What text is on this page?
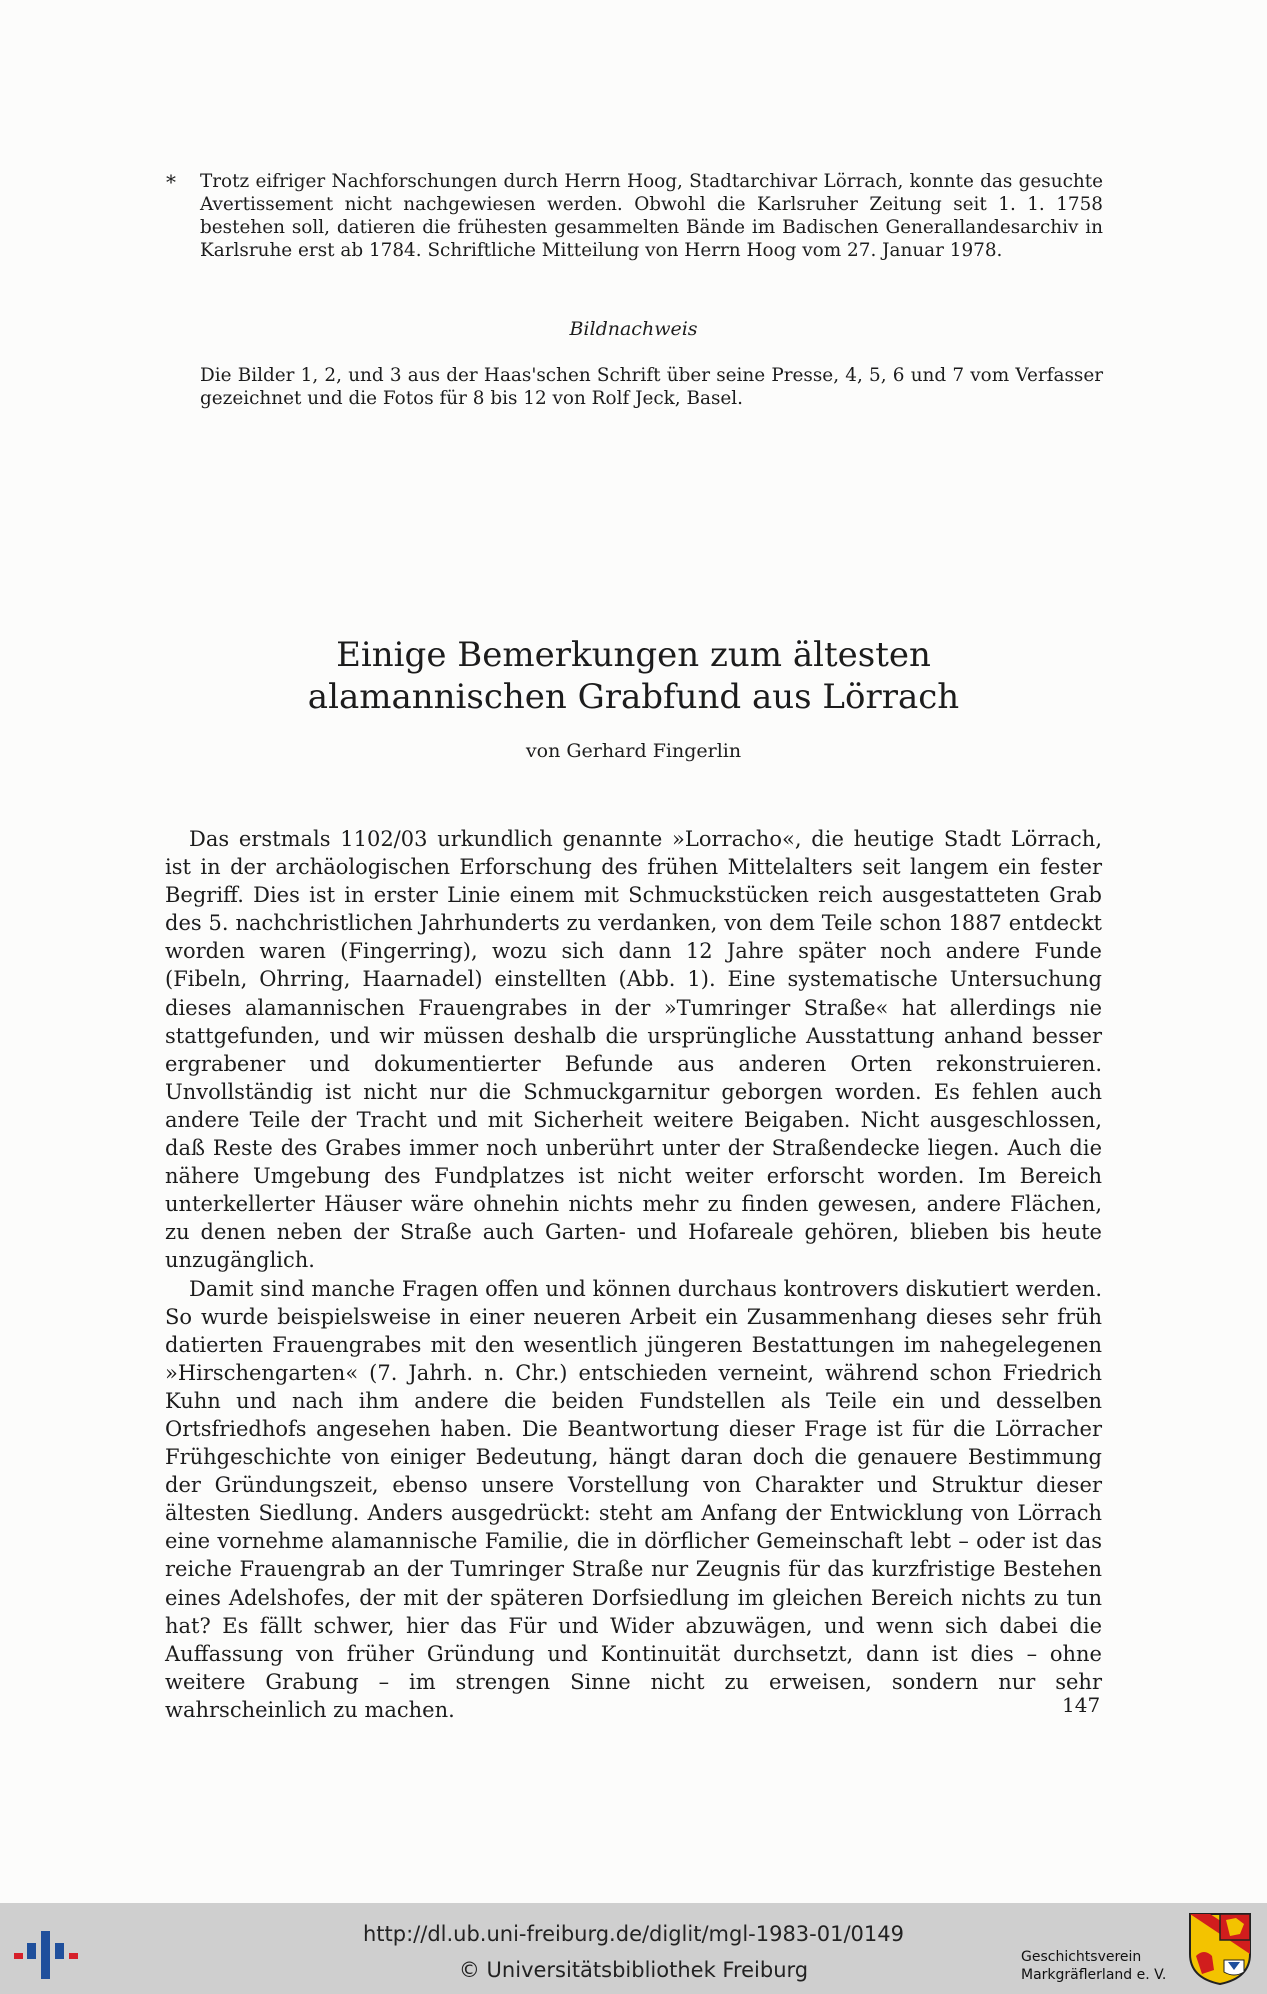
* Trotz eifriger Nachforschungen durch Herrn Hoog, Stadtarchivar Lörrach, konnte das gesuchte Avertissement nicht nachgewiesen werden. Obwohl die Karlsruher Zeitung seit 1. 1. 1758 bestehen soll, datieren die frühesten gesammelten Bände im Badischen Generallandesarchiv in Karlsruhe erst ab 1784. Schriftliche Mitteilung von Herrn Hoog vom 27. Januar 1978.
Bildnachweis
Die Bilder 1, 2, und 3 aus der Haas'schen Schrift über seine Presse, 4, 5, 6 und 7 vom Verfasser gezeichnet und die Fotos für 8 bis 12 von Rolf Jeck, Basel.
Einige Bemerkungen zum ältesten
alamannischen Grabfund aus Lörrach
von Gerhard Fingerlin

Das erstmals 1102/03 urkundlich genannte »Lorracho«, die heutige Stadt Lörrach, ist in der archäologischen Erforschung des frühen Mittelalters seit langem ein fester Begriff. Dies ist in erster Linie einem mit Schmuckstücken reich ausgestatteten Grab des 5. nachchristlichen Jahrhunderts zu verdanken, von dem Teile schon 1887 entdeckt worden waren (Fingerring), wozu sich dann 12 Jahre später noch andere Funde (Fibeln, Ohrring, Haarnadel) einstellten (Abb. 1). Eine systematische Untersuchung dieses alamannischen Frauengrabes in der »Tumringer Straße« hat allerdings nie stattgefunden, und wir müssen deshalb die ursprüngliche Ausstattung anhand besser ergrabener und dokumentierter Befunde aus anderen Orten rekonstruieren. Unvollständig ist nicht nur die Schmuckgarnitur geborgen worden. Es fehlen auch andere Teile der Tracht und mit Sicherheit weitere Beigaben. Nicht ausgeschlossen, daß Reste des Grabes immer noch unberührt unter der Straßendecke liegen. Auch die nähere Umgebung des Fundplatzes ist nicht weiter erforscht worden. Im Bereich unterkellerter Häuser wäre ohnehin nichts mehr zu finden gewesen, andere Flächen, zu denen neben der Straße auch Garten- und Hofareale gehören, blieben bis heute unzugänglich.

Damit sind manche Fragen offen und können durchaus kontrovers diskutiert werden. So wurde beispielsweise in einer neueren Arbeit ein Zusammenhang dieses sehr früh datierten Frauengrabes mit den wesentlich jüngeren Bestattungen im nahegelegenen »Hirschengarten« (7. Jahrh. n. Chr.) entschieden verneint, während schon Friedrich Kuhn und nach ihm andere die beiden Fundstellen als Teile ein und desselben Ortsfriedhofs angesehen haben. Die Beantwortung dieser Frage ist für die Lörracher Frühgeschichte von einiger Bedeutung, hängt daran doch die genauere Bestimmung der Gründungszeit, ebenso unsere Vorstellung von Charakter und Struktur dieser ältesten Siedlung. Anders ausgedrückt: steht am Anfang der Entwicklung von Lörrach eine vornehme alamannische Familie, die in dörflicher Gemeinschaft lebt – oder ist das reiche Frauengrab an der Tumringer Straße nur Zeugnis für das kurzfristige Bestehen eines Adelshofes, der mit der späteren Dorfsiedlung im gleichen Bereich nichts zu tun hat? Es fällt schwer, hier das Für und Wider abzuwägen, und wenn sich dabei die Auffassung von früher Gründung und Kontinuität durchsetzt, dann ist dies – ohne weitere Grabung – im strengen Sinne nicht zu erweisen, sondern nur sehr wahrscheinlich zu machen.	147
http://dl.ub.uni-freiburg.de/diglit/mgl-1983-01/0149
© Universitätsbibliothek Freiburg
Geschichtsverein
Markgräflerland e. V.
